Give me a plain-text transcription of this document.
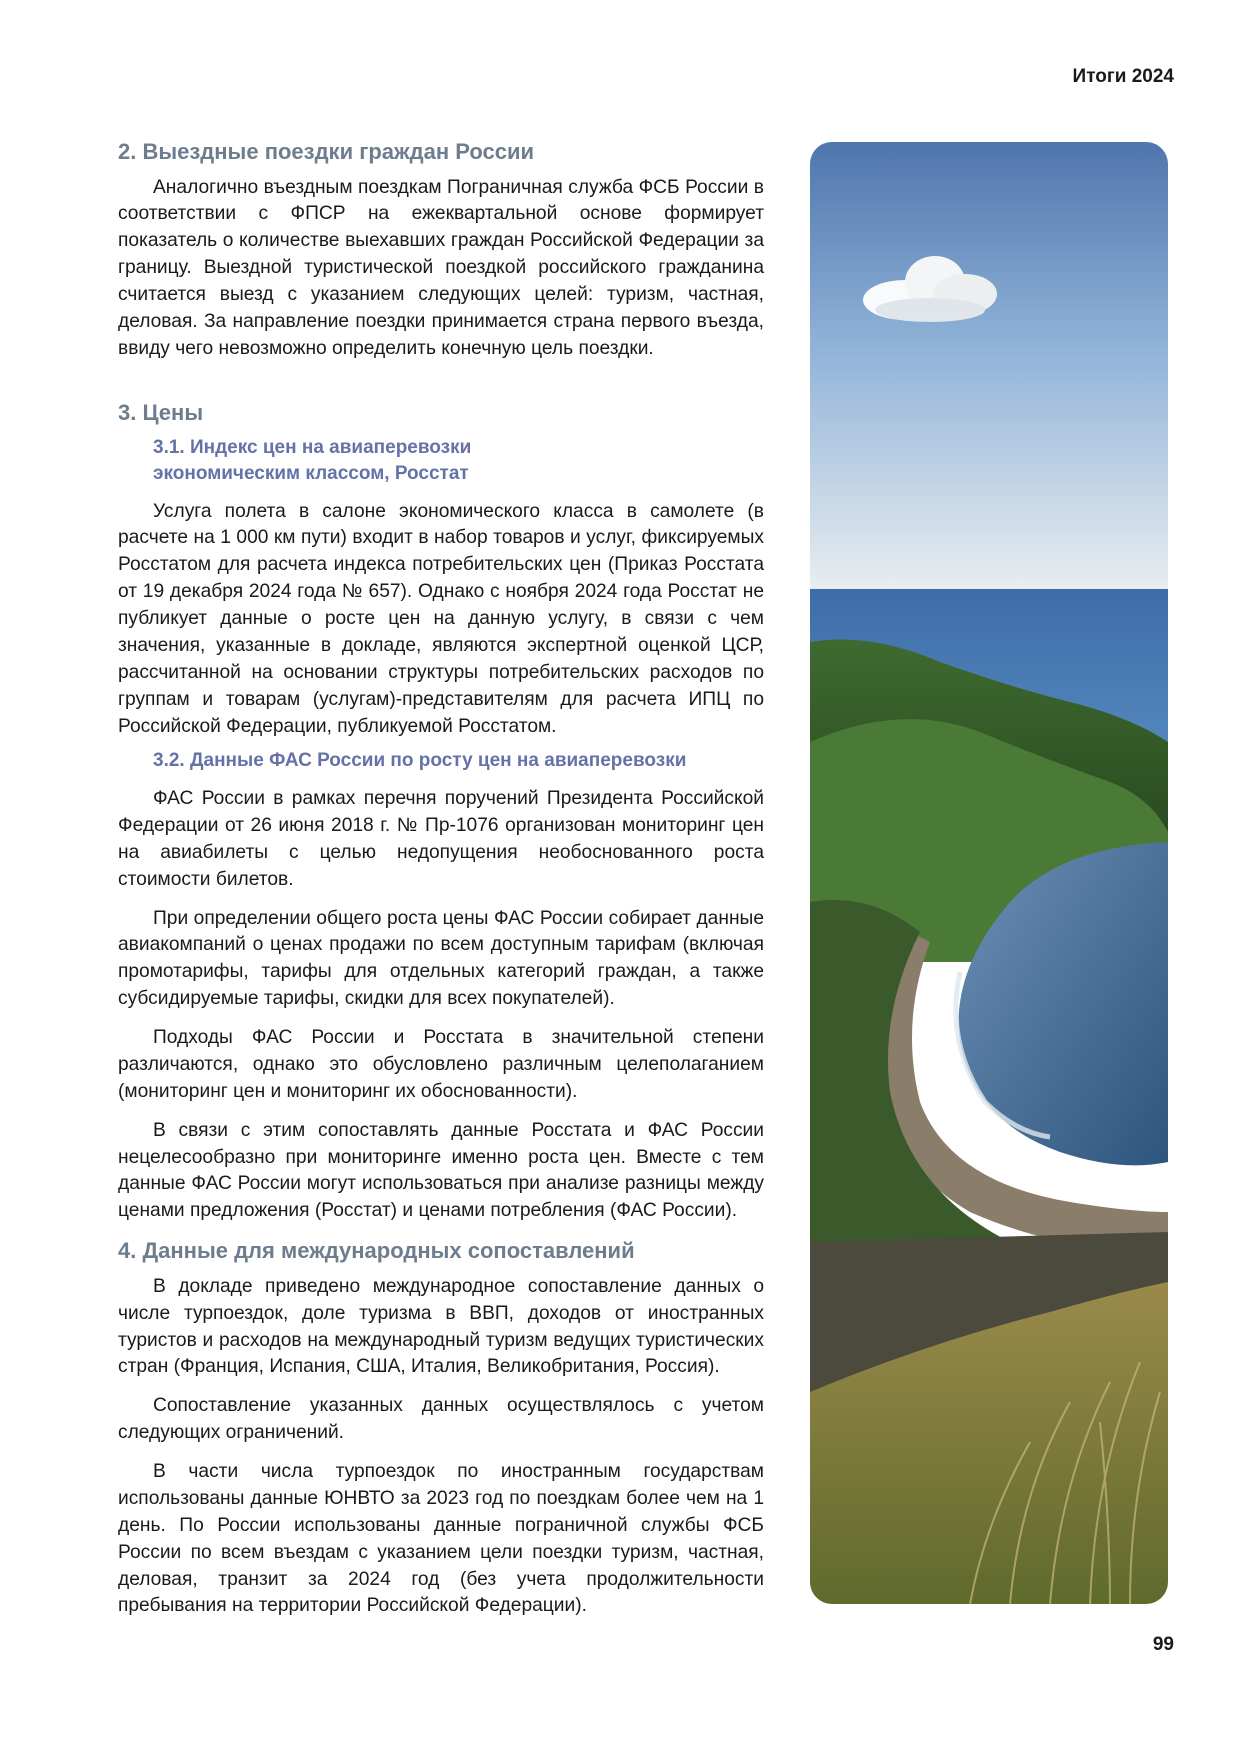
Итоги 2024
2. Выездные поездки граждан России

Аналогично въездным поездкам Пограничная служба ФСБ России в соответствии с ФПСР на ежеквартальной основе формирует показатель о количестве выехавших граждан Российской Федерации за границу. Выездной туристической поездкой российского гражданина считается выезд с указанием следующих целей: туризм, частная, деловая. За направление поездки принимается страна первого въезда, ввиду чего невозможно определить конечную цель поездки.

3. Цены
3.1. Индекс цен на авиаперевозки
экономическим классом, Росстат

Услуга полета в салоне экономического класса в самолете (в расчете на 1 000 км пути) входит в набор товаров и услуг, фиксируемых Росстатом для расчета индекса потребительских цен (Приказ Росстата от 19 декабря 2024 года № 657). Однако с ноября 2024 года Росстат не публикует данные о росте цен на данную услугу, в связи с чем значения, указанные в докладе, являются экспертной оценкой ЦСР, рассчитанной на основании структуры потребительских расходов по группам и товарам (услугам)-представителям для расчета ИПЦ по Российской Федерации, публикуемой Росстатом.

3.2. Данные ФАС России по росту цен на авиаперевозки

ФАС России в рамках перечня поручений Президента Российской Федерации от 26 июня 2018 г. № Пр-1076 организован мониторинг цен на авиабилеты с целью недопущения необоснованного роста стоимости билетов.

При определении общего роста цены ФАС России собирает данные авиакомпаний о ценах продажи по всем доступным тарифам (включая промотарифы, тарифы для отдельных категорий граждан, а также субсидируемые тарифы, скидки для всех покупателей).

Подходы ФАС России и Росстата в значительной степени различаются, однако это обусловлено различным целеполаганием (мониторинг цен и мониторинг их обоснованности).

В связи с этим сопоставлять данные Росстата и ФАС России нецелесообразно при мониторинге именно роста цен. Вместе с тем данные ФАС России могут использоваться при анализе разницы между ценами предложения (Росстат) и ценами потребления (ФАС России).

4. Данные для международных сопоставлений

В докладе приведено международное сопоставление данных о числе турпоездок, доле туризма в ВВП, доходов от иностранных туристов и расходов на международный туризм ведущих туристических стран (Франция, Испания, США, Италия, Великобритания, Россия).

Сопоставление указанных данных осуществлялось с учетом следующих ограничений.

В части числа турпоездок по иностранным государствам использованы данные ЮНВТО за 2023 год по поездкам более чем на 1 день. По России использованы данные пограничной службы ФСБ России по всем въездам с указанием цели поездки туризм, частная, деловая, транзит за 2024 год (без учета продолжительности пребывания на территории Российской Федерации).

99
